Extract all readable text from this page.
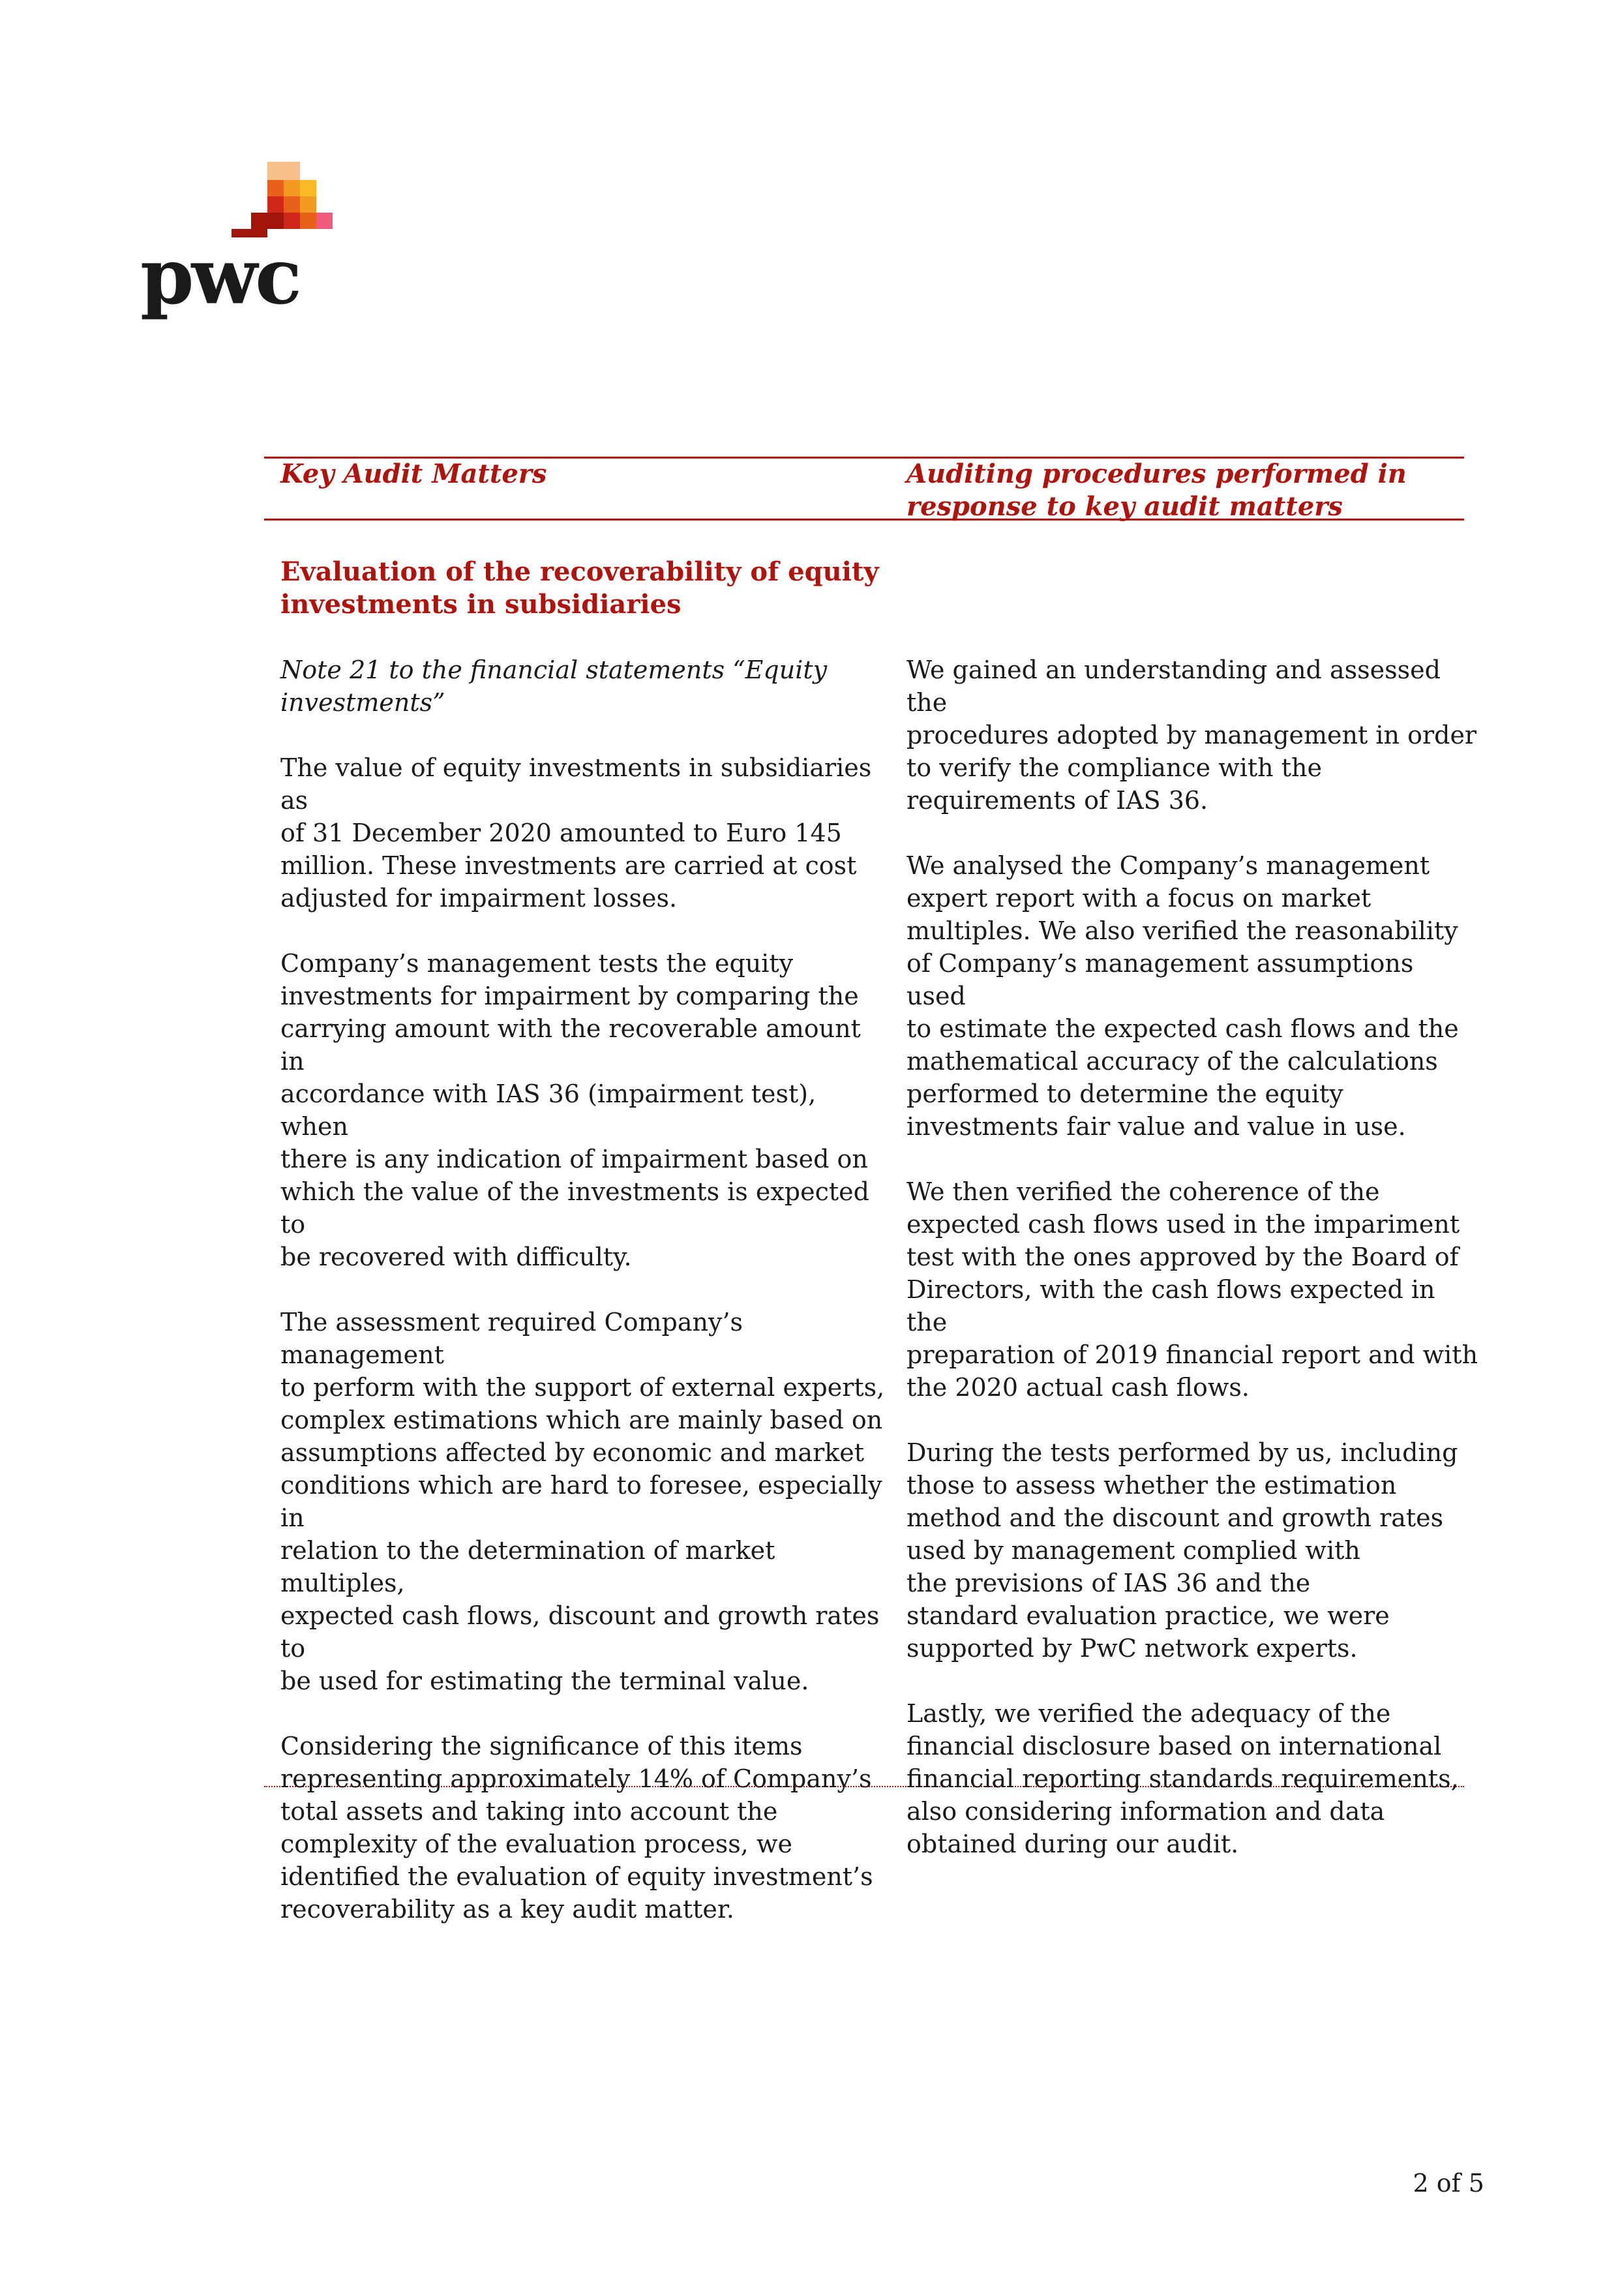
pwc
Key Audit Matters	Auditing procedures performed in
response to key audit matters
Evaluation of the recoverability of equity
investments in subsidiaries

Note 21 to the financial statements “Equity
investments”

The value of equity investments in subsidiaries as
of 31 December 2020 amounted to Euro 145
million. These investments are carried at cost
adjusted for impairment losses.

Company’s management tests the equity
investments for impairment by comparing the
carrying amount with the recoverable amount in
accordance with IAS 36 (impairment test), when
there is any indication of impairment based on
which the value of the investments is expected to
be recovered with difficulty.

The assessment required Company’s management
to perform with the support of external experts,
complex estimations which are mainly based on
assumptions affected by economic and market
conditions which are hard to foresee, especially in
relation to the determination of market multiples,
expected cash flows, discount and growth rates to
be used for estimating the terminal value.

Considering the significance of this items
representing approximately 14% of Company’s
total assets and taking into account the
complexity of the evaluation process, we
identified the evaluation of equity investment’s
recoverability as a key audit matter.

We gained an understanding and assessed the
procedures adopted by management in order
to verify the compliance with the
requirements of IAS 36.

We analysed the Company’s management
expert report with a focus on market
multiples. We also verified the reasonability
of Company’s management assumptions used
to estimate the expected cash flows and the
mathematical accuracy of the calculations
performed to determine the equity
investments fair value and value in use.

We then verified the coherence of the
expected cash flows used in the impariment
test with the ones approved by the Board of
Directors, with the cash flows expected in the
preparation of 2019 financial report and with
the 2020 actual cash flows.

During the tests performed by us, including
those to assess whether the estimation
method and the discount and growth rates
used by management complied with
the previsions of IAS 36 and the
standard evaluation practice, we were
supported by PwC network experts.

Lastly, we verified the adequacy of the
financial disclosure based on international
financial reporting standards requirements,
also considering information and data
obtained during our audit.

2 of 5
